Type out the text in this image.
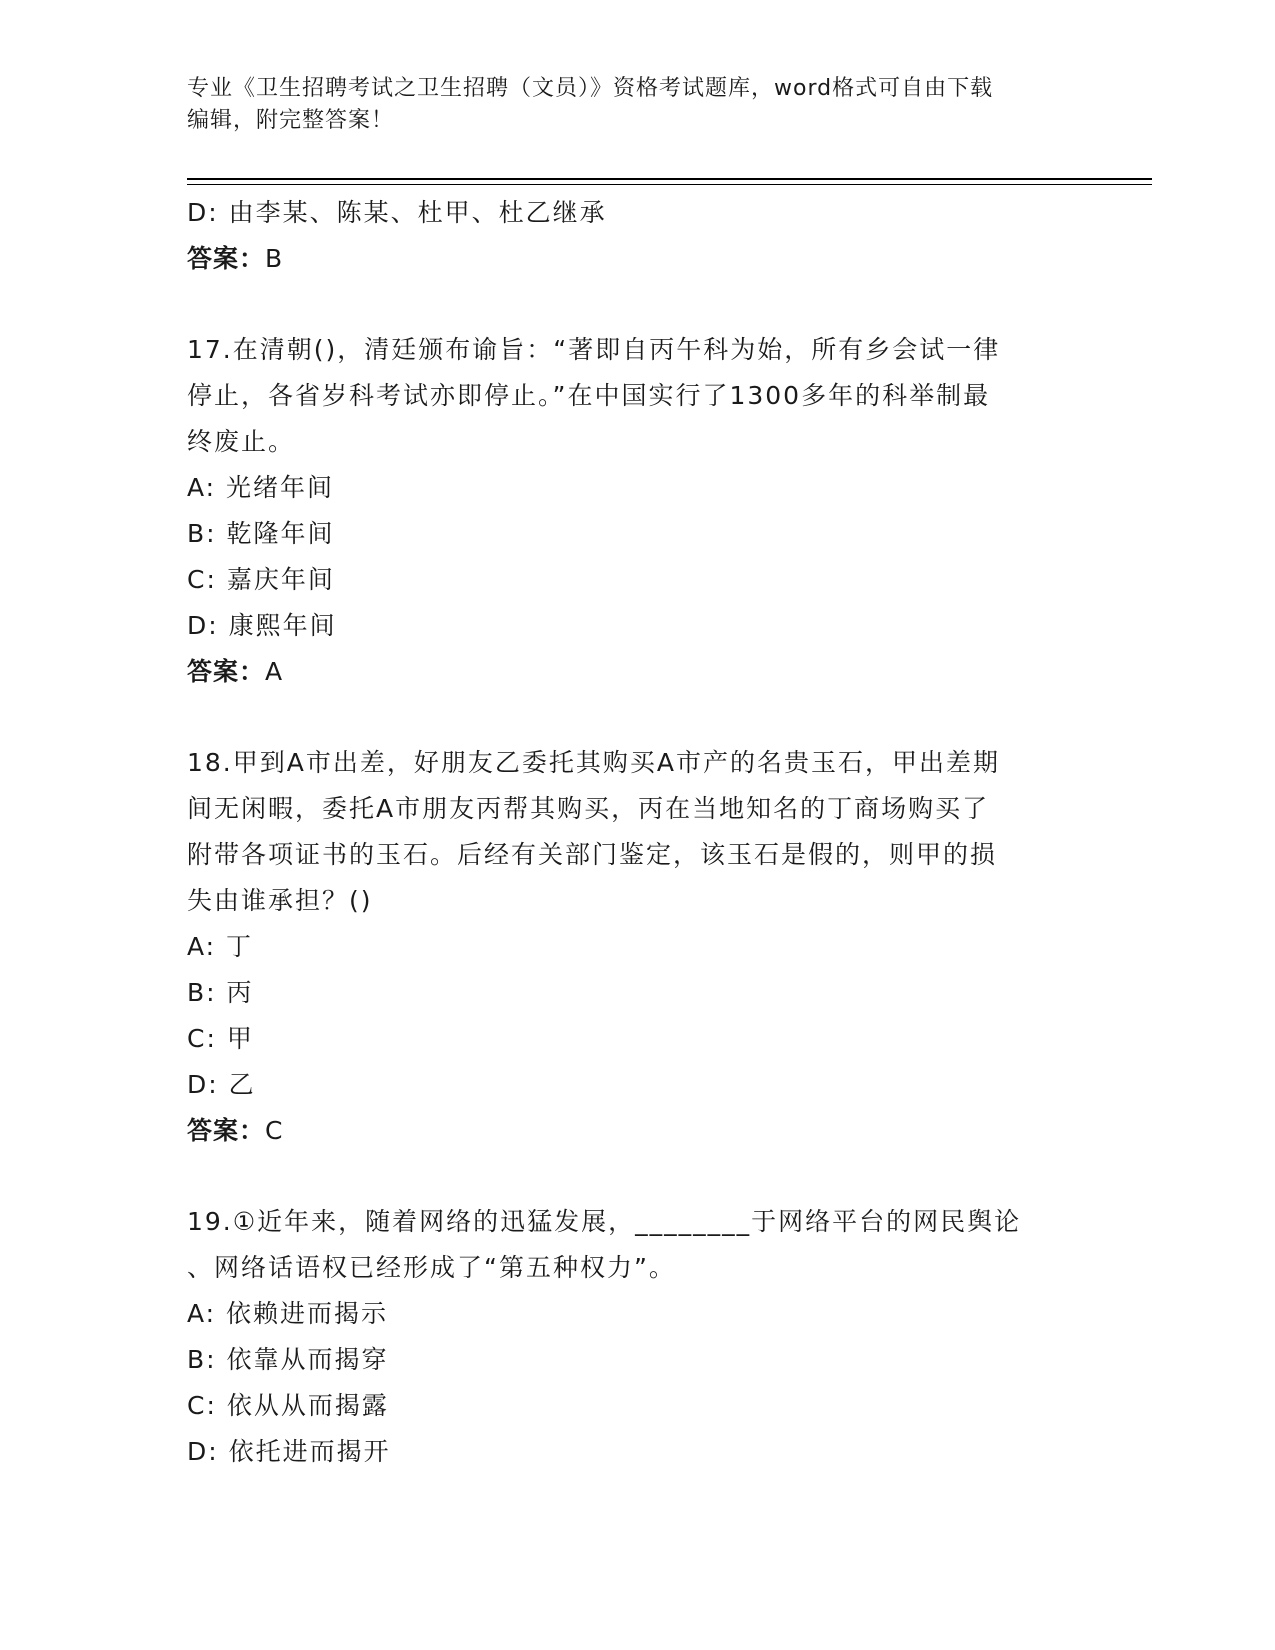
专业《卫生招聘考试之卫生招聘（文员）》资格考试题库，word格式可自由下载
编辑，附完整答案！
D: 由李某、陈某、杜甲、杜乙继承
答案：B
17.在清朝()，清廷颁布谕旨：“著即自丙午科为始，所有乡会试一律
停止，各省岁科考试亦即停止。”在中国实行了1300多年的科举制最
终废止。
A: 光绪年间
B: 乾隆年间
C: 嘉庆年间
D: 康熙年间
答案：A
18.甲到A市出差，好朋友乙委托其购买A市产的名贵玉石，甲出差期
间无闲暇，委托A市朋友丙帮其购买，丙在当地知名的丁商场购买了
附带各项证书的玉石。后经有关部门鉴定，该玉石是假的，则甲的损
失由谁承担？()
A: 丁
B: 丙
C: 甲
D: 乙
答案：C
19.①近年来，随着网络的迅猛发展，________于网络平台的网民舆论
、网络话语权已经形成了“第五种权力”。
A: 依赖进而揭示
B: 依靠从而揭穿
C: 依从从而揭露
D: 依托进而揭开
